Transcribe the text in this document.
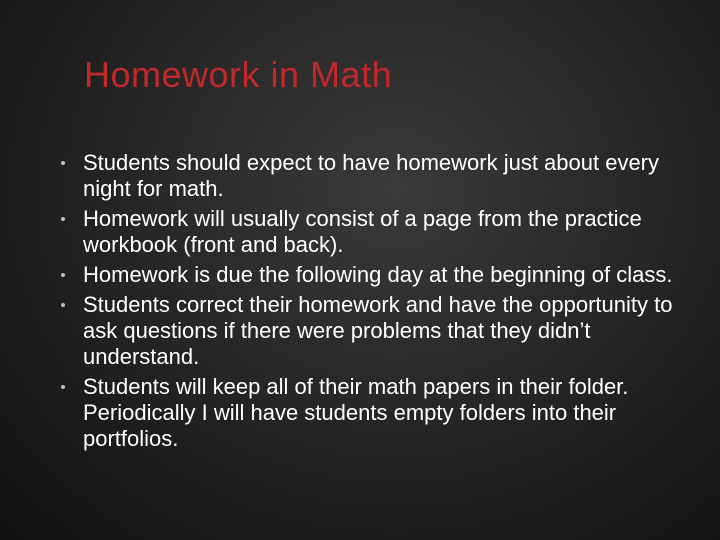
Homework in Math
Students should expect to have homework just about every night for math.
Homework will usually consist of a page from the practice workbook (front and back).
Homework is due the following day at the beginning of class.
Students correct their homework and have the opportunity to ask questions if there were problems that they didn’t understand.
Students will keep all of their math papers in their folder. Periodically I will have students empty folders into their portfolios.
